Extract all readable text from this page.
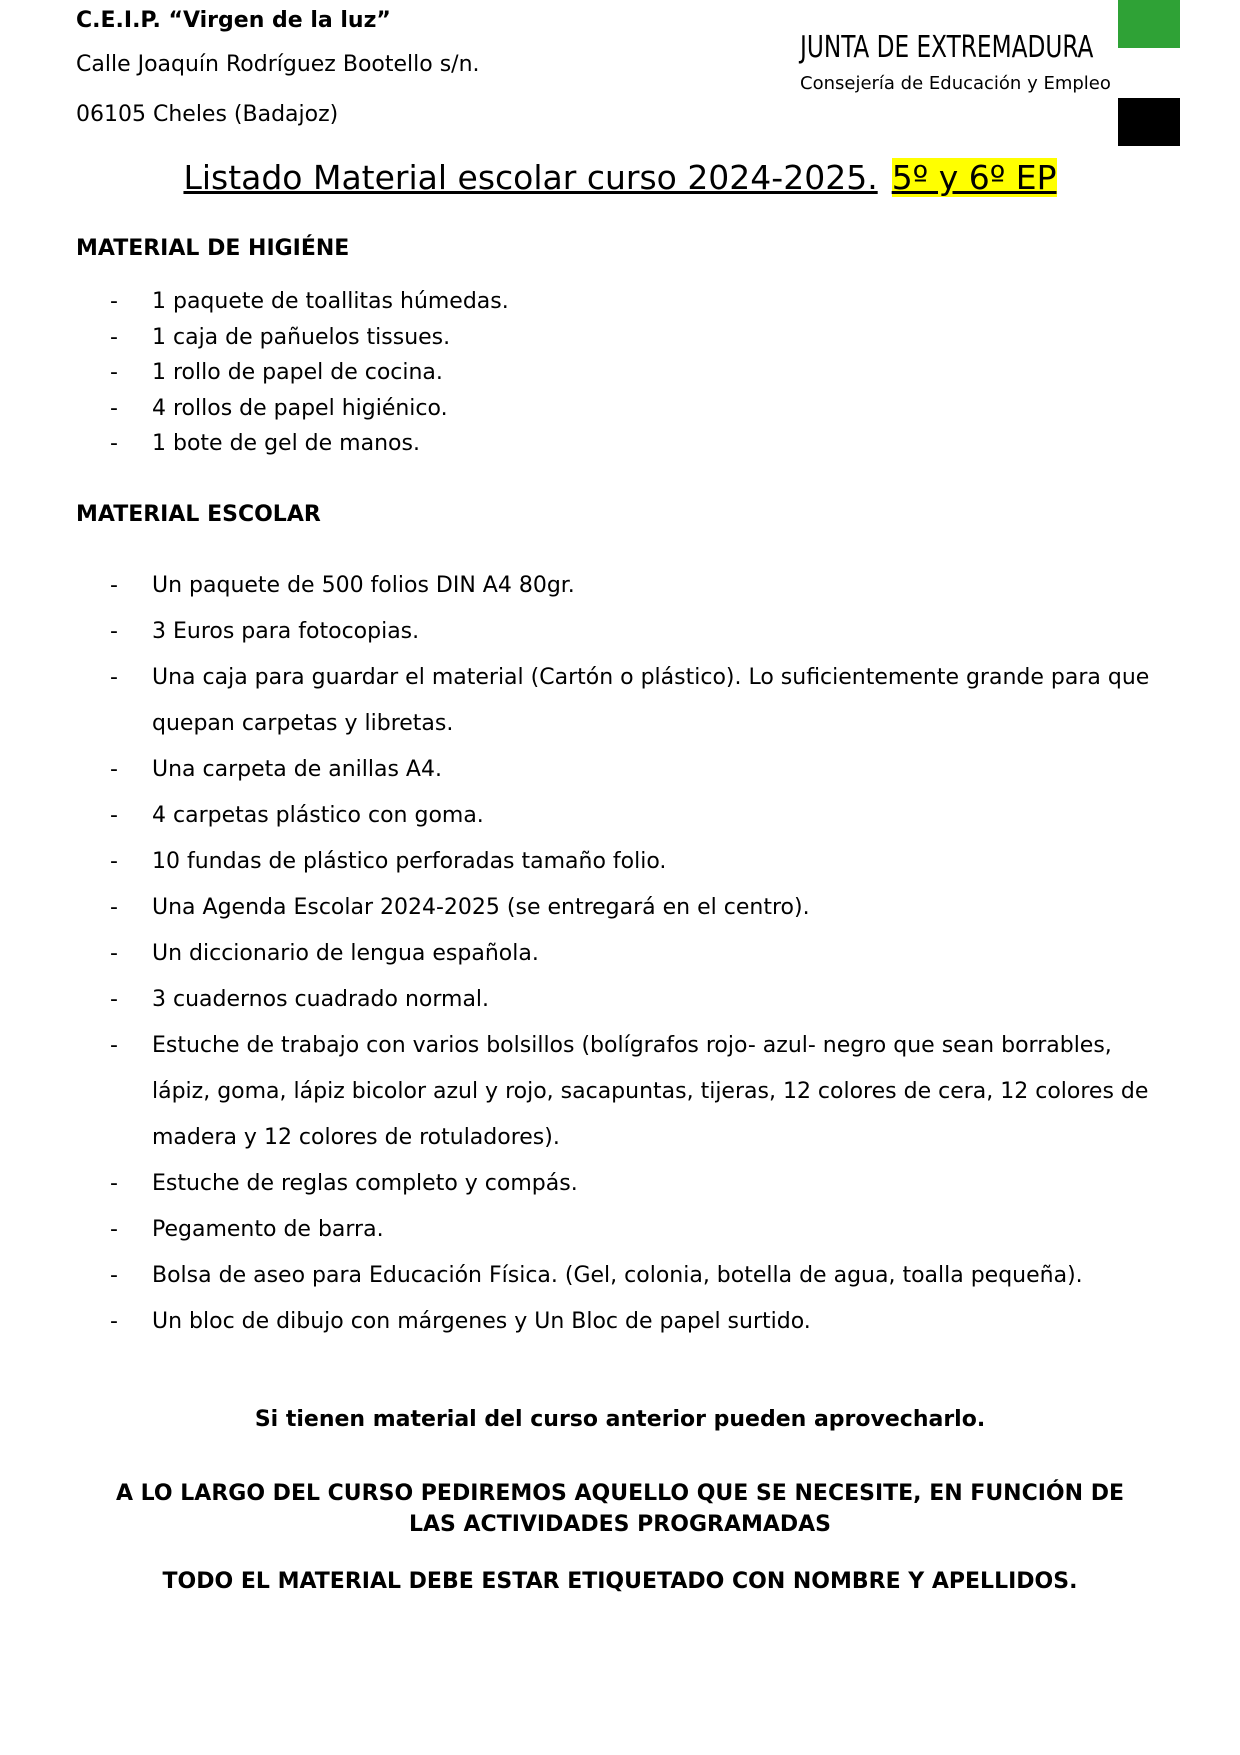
C.E.I.P. “Virgen de la luz”
Calle Joaquín Rodríguez Bootello s/n.
06105 Cheles (Badajoz)
JUNTA DE EXTREMADURA
Consejería de Educación y Empleo
Listado Material escolar curso 2024-2025. 5º y 6º EP
MATERIAL DE HIGIÉNE
- 1 paquete de toallitas húmedas.
- 1 caja de pañuelos tissues.
- 1 rollo de papel de cocina.
- 4 rollos de papel higiénico.
- 1 bote de gel de manos.
MATERIAL ESCOLAR
- Un paquete de 500 folios DIN A4 80gr.
- 3 Euros para fotocopias.
- Una caja para guardar el material (Cartón o plástico). Lo suficientemente grande para que quepan carpetas y libretas.
- Una carpeta de anillas A4.
- 4 carpetas plástico con goma.
- 10 fundas de plástico perforadas tamaño folio.
- Una Agenda Escolar 2024-2025 (se entregará en el centro).
- Un diccionario de lengua española.
- 3 cuadernos cuadrado normal.
- Estuche de trabajo con varios bolsillos (bolígrafos rojo- azul- negro que sean borrables, lápiz, goma, lápiz bicolor azul y rojo, sacapuntas, tijeras, 12 colores de cera, 12 colores de madera y 12 colores de rotuladores).
- Estuche de reglas completo y compás.
- Pegamento de barra.
- Bolsa de aseo para Educación Física. (Gel, colonia, botella de agua, toalla pequeña).
- Un bloc de dibujo con márgenes y Un Bloc de papel surtido.
Si tienen material del curso anterior pueden aprovecharlo.
A LO LARGO DEL CURSO PEDIREMOS AQUELLO QUE SE NECESITE, EN FUNCIÓN DE LAS ACTIVIDADES PROGRAMADAS
TODO EL MATERIAL DEBE ESTAR ETIQUETADO CON NOMBRE Y APELLIDOS.
